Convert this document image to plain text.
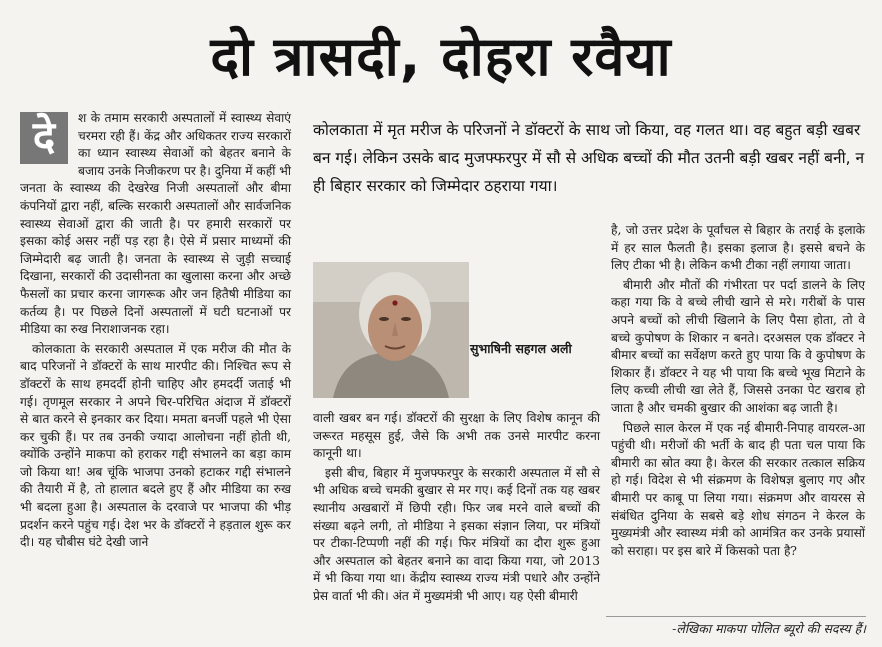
दो त्रासदी, दोहरा रवैया
दे	श के तमाम सरकारी अस्पतालों में स्वास्थ्य सेवाएं चरमरा रही हैं। केंद्र और अधिकतर राज्य सरकारों का ध्यान स्वास्थ्य सेवाओं को बेहतर बनाने के बजाय उनके निजीकरण पर है। दुनिया में कहीं भी जनता के स्वास्थ्य की देखरेख निजी अस्पतालों और बीमा कंपनियों द्वारा नहीं, बल्कि सरकारी अस्पतालों और सार्वजनिक स्वास्थ्य सेवाओं द्वारा की जाती है। पर हमारी सरकारों पर इसका कोई असर नहीं पड़ रहा है। ऐसे में प्रसार माध्यमों की जिम्मेदारी बढ़ जाती है। जनता के स्वास्थ्य से जुड़ी सच्चाई दिखाना, सरकारों की उदासीनता का खुलासा करना और अच्छे फैसलों का प्रचार करना जागरूक और जन हितैषी मीडिया का कर्तव्य है। पर पिछले दिनों अस्पतालों में घटी घटनाओं पर मीडिया का रुख निराशाजनक रहा।

कोलकाता के सरकारी अस्पताल में एक मरीज की मौत के बाद परिजनों ने डॉक्टरों के साथ मारपीट की। निश्चित रूप से डॉक्टरों के साथ हमदर्दी होनी चाहिए और हमदर्दी जताई भी गई। तृणमूल सरकार ने अपने चिर-परिचित अंदाज में डॉक्टरों से बात करने से इनकार कर दिया। ममता बनर्जी पहले भी ऐसा कर चुकी हैं। पर तब उनकी ज्यादा आलोचना नहीं होती थी, क्योंकि उन्होंने माकपा को हराकर गद्दी संभालने का बड़ा काम जो किया था! अब चूंकि भाजपा उनको हटाकर गद्दी संभालने की तैयारी में है, तो हालात बदले हुए हैं और मीडिया का रुख भी बदला हुआ है। अस्पताल के दरवाजे पर भाजपा की भीड़ प्रदर्शन करने पहुंच गई। देश भर के डॉक्टरों ने हड़ताल शुरू कर दी। यह चौबीस घंटे देखी जाने

कोलकाता में मृत मरीज के परिजनों ने डॉक्टरों के साथ जो किया, वह गलत था। वह बहुत बड़ी खबर बन गई। लेकिन उसके बाद मुजफ्फरपुर में सौ से अधिक बच्चों की मौत उतनी बड़ी खबर नहीं बनी, न ही बिहार सरकार को जिम्मेदार ठहराया गया।
सुभाषिनी सहगल अली

वाली खबर बन गई। डॉक्टरों की सुरक्षा के लिए विशेष कानून की जरूरत महसूस हुई, जैसे कि अभी तक उनसे मारपीट करना कानूनी था।

इसी बीच, बिहार में मुजफ्फरपुर के सरकारी अस्पताल में सौ से भी अधिक बच्चे चमकी बुखार से मर गए। कई दिनों तक यह खबर स्थानीय अखबारों में छिपी रही। फिर जब मरने वाले बच्चों की संख्या बढ़ने लगी, तो मीडिया ने इसका संज्ञान लिया, पर मंत्रियों पर टीका-टिप्पणी नहीं की गई। फिर मंत्रियों का दौरा शुरू हुआ और अस्पताल को बेहतर बनाने का वादा किया गया, जो 2013 में भी किया गया था। केंद्रीय स्वास्थ्य राज्य मंत्री पधारे और उन्होंने प्रेस वार्ता भी की। अंत में मुख्यमंत्री भी आए। यह ऐसी बीमारी

है, जो उत्तर प्रदेश के पूर्वांचल से बिहार के तराई के इलाके में हर साल फैलती है। इसका इलाज है। इससे बचने के लिए टीका भी है। लेकिन कभी टीका नहीं लगाया जाता।

बीमारी और मौतों की गंभीरता पर पर्दा डालने के लिए कहा गया कि वे बच्चे लीची खाने से मरे। गरीबों के पास अपने बच्चों को लीची खिलाने के लिए पैसा होता, तो वे बच्चे कुपोषण के शिकार न बनते। दरअसल एक डॉक्टर ने बीमार बच्चों का सर्वेक्षण करते हुए पाया कि वे कुपोषण के शिकार हैं। डॉक्टर ने यह भी पाया कि बच्चे भूख मिटाने के लिए कच्ची लीची खा लेते हैं, जिससे उनका पेट खराब हो जाता है और चमकी बुखार की आशंका बढ़ जाती है।

पिछले साल केरल में एक नई बीमारी-निपाह वायरल-आ पहुंची थी। मरीजों की भर्ती के बाद ही पता चल पाया कि बीमारी का स्रोत क्या है। केरल की सरकार तत्काल सक्रिय हो गई। विदेश से भी संक्रमण के विशेषज्ञ बुलाए गए और बीमारी पर काबू पा लिया गया। संक्रमण और वायरस से संबंधित दुनिया के सबसे बड़े शोध संगठन ने केरल के मुख्यमंत्री और स्वास्थ्य मंत्री को आमंत्रित कर उनके प्रयासों को सराहा। पर इस बारे में किसको पता है?

-लेखिका माकपा पोलित ब्यूरो की सदस्य हैं।
